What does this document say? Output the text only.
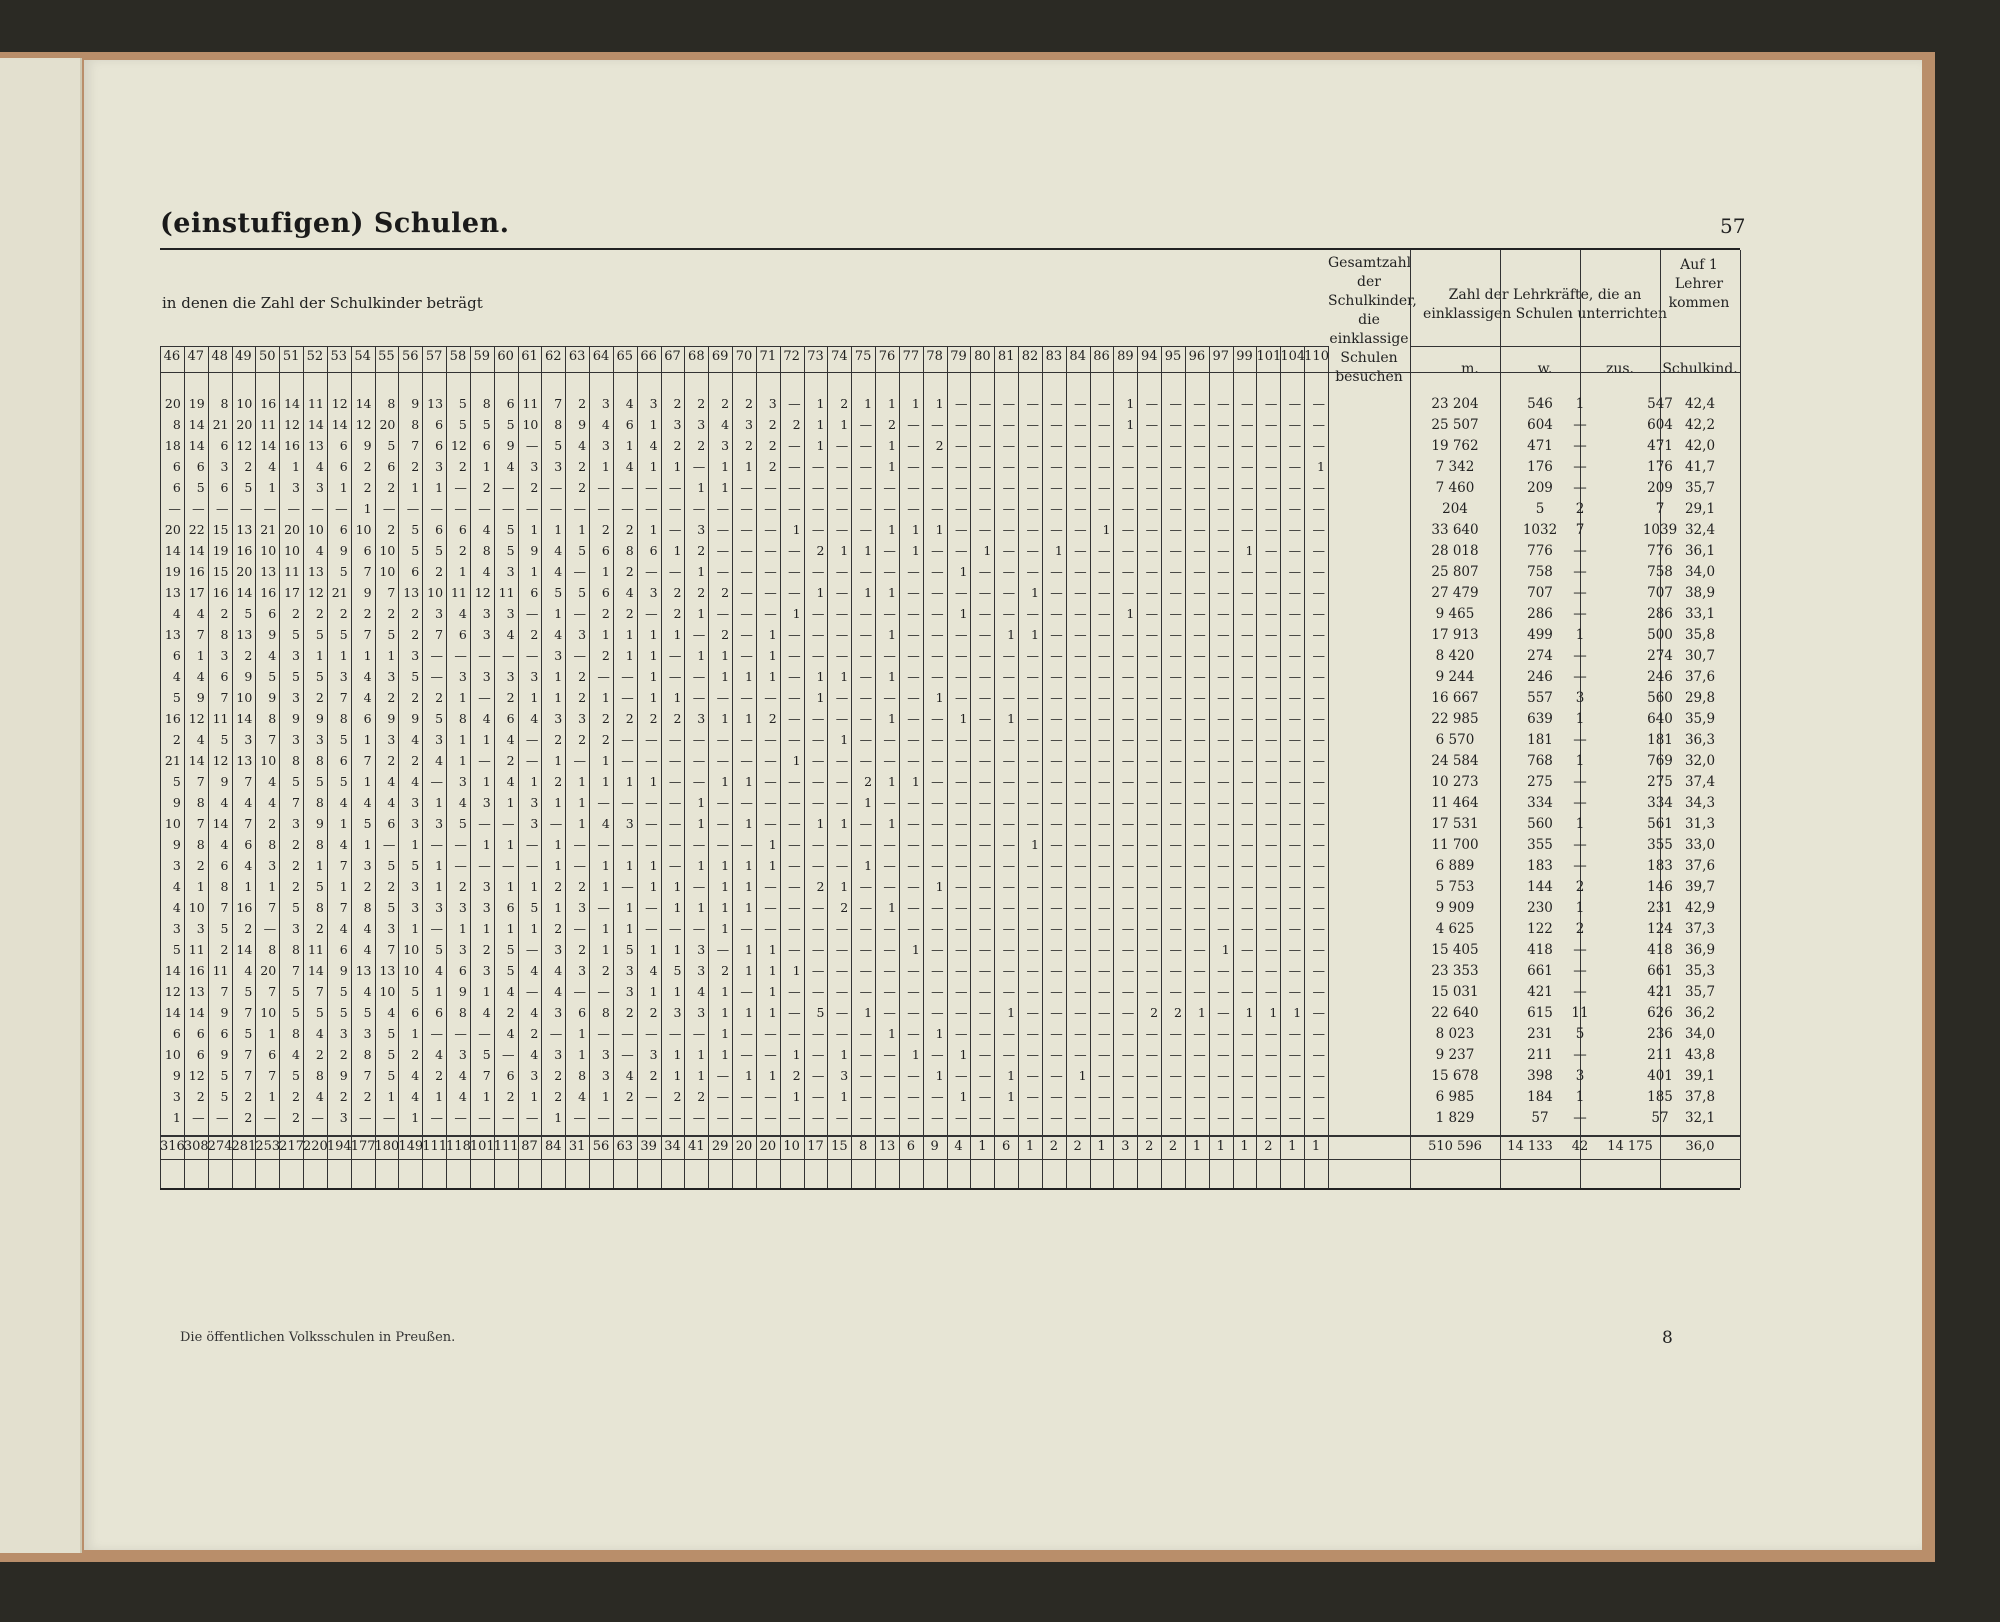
(einstufigen) Schulen.	57
in denen die Zahl der Schulkinder beträgt
Gesamtzahl der Schulkinder, die einklassige Schulen besuchen
Zahl der Lehrkräfte, die an einklassigen Schulen unterrichten
Auf 1 Lehrer kommen
m.	w.	zus.	Schulkind.
46 47 48 49 50 51 52 53 54 55 56 57 58 59 60 61 62 63 64 65 66 67 68 69 70 71 72 73 74 75 76 77 78 79 80 81 82 83 84 86 89 94 95 96 97 99 101 104 110
20 19	8 10 16 14 11 12 14	8	9 13	5	8	6 11	7	2	3	4	3	2	2	2	2	3 —	1	2	1	1	1	1 — — — — — — —	1 — — — — — — — —	23 204	546	1	547 42,4
8 14 21 20 11 12 14 14 12 20	8	6	5	5	5 10	8	9	4	6	1	3	3	4	3	2	2	1	1 —	2 — — — — — — — — —	1 — — — — — — — —	25 507	604	—	604 42,2
18 14	6 12 14 16 13	6	9	5	7	6 12	6	9 —	5	4	3	1	4	2	2	3	2	2 —	1 — —	1 —	2 — — — — — — — — — — — — — — — —	19 762	471	—	471 42,0
6	6	3	2	4	1	4	6	2	6	2	3	2	1	4	3	3	2	1	4	1	1 —	1	1	2 — — — —	1 — — — — — — — — — — — — — — — — —	1	7 342	176	—	176 41,7
6	5	6	5	1	3	3	1	2	2	1	1 —	2 —	2 —	2 — — — —	1	1 — — — — — — — — — — — — — — — — — — — — — — — — —	7 460	209	—	209 35,7
— — — — — — — —	1 — — — — — — — — — — — — — — — — — — — — — — — — — — — — — — — — — — — — — — — —	204	5	2	7	29,1
20 22 15 13 21 20 10	6 10	2	5	6	6	4	5	1	1	1	2	2	1 —	3 — — —	1 — — —	1	1	1 — — — — — —	1 — — — — — — — — —	33 640	1032	7	1039 32,4
14 14 19 16 10 10	4	9	6 10	5	5	2	8	5	9	4	5	6	8	6	1	2 — — — —	2	1	1 —	1 — —	1 — —	1 — — — — — — —	1 — — —	28 018	776	—	776 36,1
19 16 15 20 13 11 13	5	7 10	6	2	1	4	3	1	4 —	1	2 — —	1 — — — — — — — — — —	1 — — — — — — — — — — — — — — —	25 807	758	—	758 34,0
13 17 16 14 16 17 12 21	9	7 13 10 11 12 11	6	5	5	6	4	3	2	2	2 — — —	1 —	1	1 — — — — —	1 — — — — — — — — — — — —	27 479	707	—	707 38,9
4	4	2	5	6	2	2	2	2	2	2	3	4	3	3 —	1 —	2	2 —	2	1 — — —	1 — — — — — —	1 — — — — — —	1 — — — — — — — —	9 465	286	—	286 33,1
13	7	8 13	9	5	5	5	7	5	2	7	6	3	4	2	4	3	1	1	1	1 —	2 —	1 — — — —	1 — — — —	1	1 — — — — — — — — — — — —	17 913	499	1	500 35,8
6	1	3	2	4	3	1	1	1	1	3 — — — — —	3 —	2	1	1 —	1	1 —	1 — — — — — — — — — — — — — — — — — — — — — — —	8 420	274	—	274 30,7
4	4	6	9	5	5	5	3	4	3	5 —	3	3	3	3	1	2 — —	1 — —	1	1	1 —	1	1 —	1 — — — — — — — — — — — — — — — — — —	9 244	246	—	246 37,6
5	9	7 10	9	3	2	7	4	2	2	2	1 —	2	1	1	2	1 —	1	1 — — — — —	1 — — — —	1 — — — — — — — — — — — — — — — —	16 667	557	3	560 29,8
16 12 11 14	8	9	9	8	6	9	9	5	8	4	6	4	3	3	2	2	2	2	3	1	1	2 — — — —	1 — —	1 —	1 — — — — — — — — — — — — —	22 985	639	1	640 35,9
2	4	5	3	7	3	3	5	1	3	4	3	1	1	4 —	2	2	2 — — — — — — — — —	1 — — — — — — — — — — — — — — — — — — — —	6 570	181	—	181 36,3
21 14 12 13 10	8	8	6	7	2	2	4	1 —	2 —	1 —	1 — — — — — — —	1 — — — — — — — — — — — — — — — — — — — — — —	24 584	768	1	769 32,0
5	7	9	7	4	5	5	5	1	4	4 —	3	1	4	1	2	1	1	1	1 — —	1	1 — — — —	2	1	1 — — — — — — — — — — — — — — — — —	10 273	275	—	275 37,4
9	8	4	4	4	7	8	4	4	4	3	1	4	3	1	3	1	1 — — — —	1 — — — — — —	1 — — — — — — — — — — — — — — — — — — —	11 464	334	—	334 34,3
10	7 14	7	2	3	9	1	5	6	3	3	5 — —	3 —	1	4	3 — —	1 —	1 — —	1	1 —	1 — — — — — — — — — — — — — — — — — —	17 531	560	1	561 31,3
9	8	4	6	8	2	8	4	1 —	1 — —	1	1 —	1 — — — — — — — —	1 — — — — — — — — — —	1 — — — — — — — — — — — —	11 700	355	—	355 33,0
3	2	6	4	3	2	1	7	3	5	5	1 — — — —	1 —	1	1	1 —	1	1	1	1 — — —	1 — — — — — — — — — — — — — — — — — — —	6 889	183	—	183 37,6
4	1	8	1	1	2	5	1	2	2	3	1	2	3	1	1	2	2	1 —	1	1 —	1	1 — —	2	1 — — —	1 — — — — — — — — — — — — — — — —	5 753	144	2	146 39,7
4 10	7 16	7	5	8	7	8	5	3	3	3	3	6	5	1	3 —	1 —	1	1	1	1 — — —	2 —	1 — — — — — — — — — — — — — — — — — —	9 909	230	1	231 42,9
3	3	5	2 —	3	2	4	4	3	1 —	1	1	1	1	2 —	1	1 — — —	1 — — — — — — — — — — — — — — — — — — — — — — — — —	4 625	122	2	124 37,3
5 11	2 14	8	8 11	6	4	7 10	5	3	2	5 —	3	2	1	5	1	1	3 —	1	1 — — — — —	1 — — — — — — — — — — — —	1 — — — —	15 405	418	—	418 36,9
14 16 11	4 20	7 14	9 13 13 10	4	6	3	5	4	4	3	2	3	4	5	3	2	1	1	1 — — — — — — — — — — — — — — — — — — — — — —	23 353	661	—	661 35,3
12 13	7	5	7	5	7	5	4 10	5	1	9	1	4 —	4 — —	3	1	1	4	1 —	1 — — — — — — — — — — — — — — — — — — — — — — —	15 031	421	—	421 35,7
14 14	9	7 10	5	5	5	5	4	6	6	8	4	2	4	3	6	8	2	2	3	3	1	1	1 —	5 —	1 — — — — —	1 — — — — —	2	2	1 —	1	1	1 —	22 640	615	11	626 36,2
6	6	6	5	1	8	4	3	3	5	1 — — —	4	2 —	1 — — — — —	1 — — — — — —	1 —	1 — — — — — — — — — — — — — — — —	8 023	231	5	236 34,0
10	6	9	7	6	4	2	2	8	5	2	4	3	5 —	4	3	1	3 —	3	1	1	1 — —	1 —	1 — —	1 —	1 — — — — — — — — — — — — — — —	9 237	211	—	211 43,8
9 12	5	7	7	5	8	9	7	5	4	2	4	7	6	3	2	8	3	4	2	1	1 —	1	1	2 —	3 — — —	1 — —	1 — —	1 — — — — — — — — — —	15 678	398	3	401 39,1
3	2	5	2	1	2	4	2	2	1	4	1	4	1	2	1	2	4	1	2 —	2	2 — — —	1 —	1 — — — —	1 —	1 — — — — — — — — — — — — —	6 985	184	1	185 37,8
1 — —	2 —	2 —	3 — —	1 — — — — —	1 — — — — — — — — — — — — — — — — — — — — — — — — — — — — — — — —	1 829	57	—	57	32,1
316 308 274 281 253 217 220 194 177 180 149 111 118 101 111 87 84 31 56 63 39 34 41 29 20 20 10 17 15 8 13 6	9	4	1	6	1	2	2	1	3	2	2	1	1	1	2	1	1	510 596	14 133	42	14 175	36,0
Die öffentlichen Volksschulen in Preußen.	8
